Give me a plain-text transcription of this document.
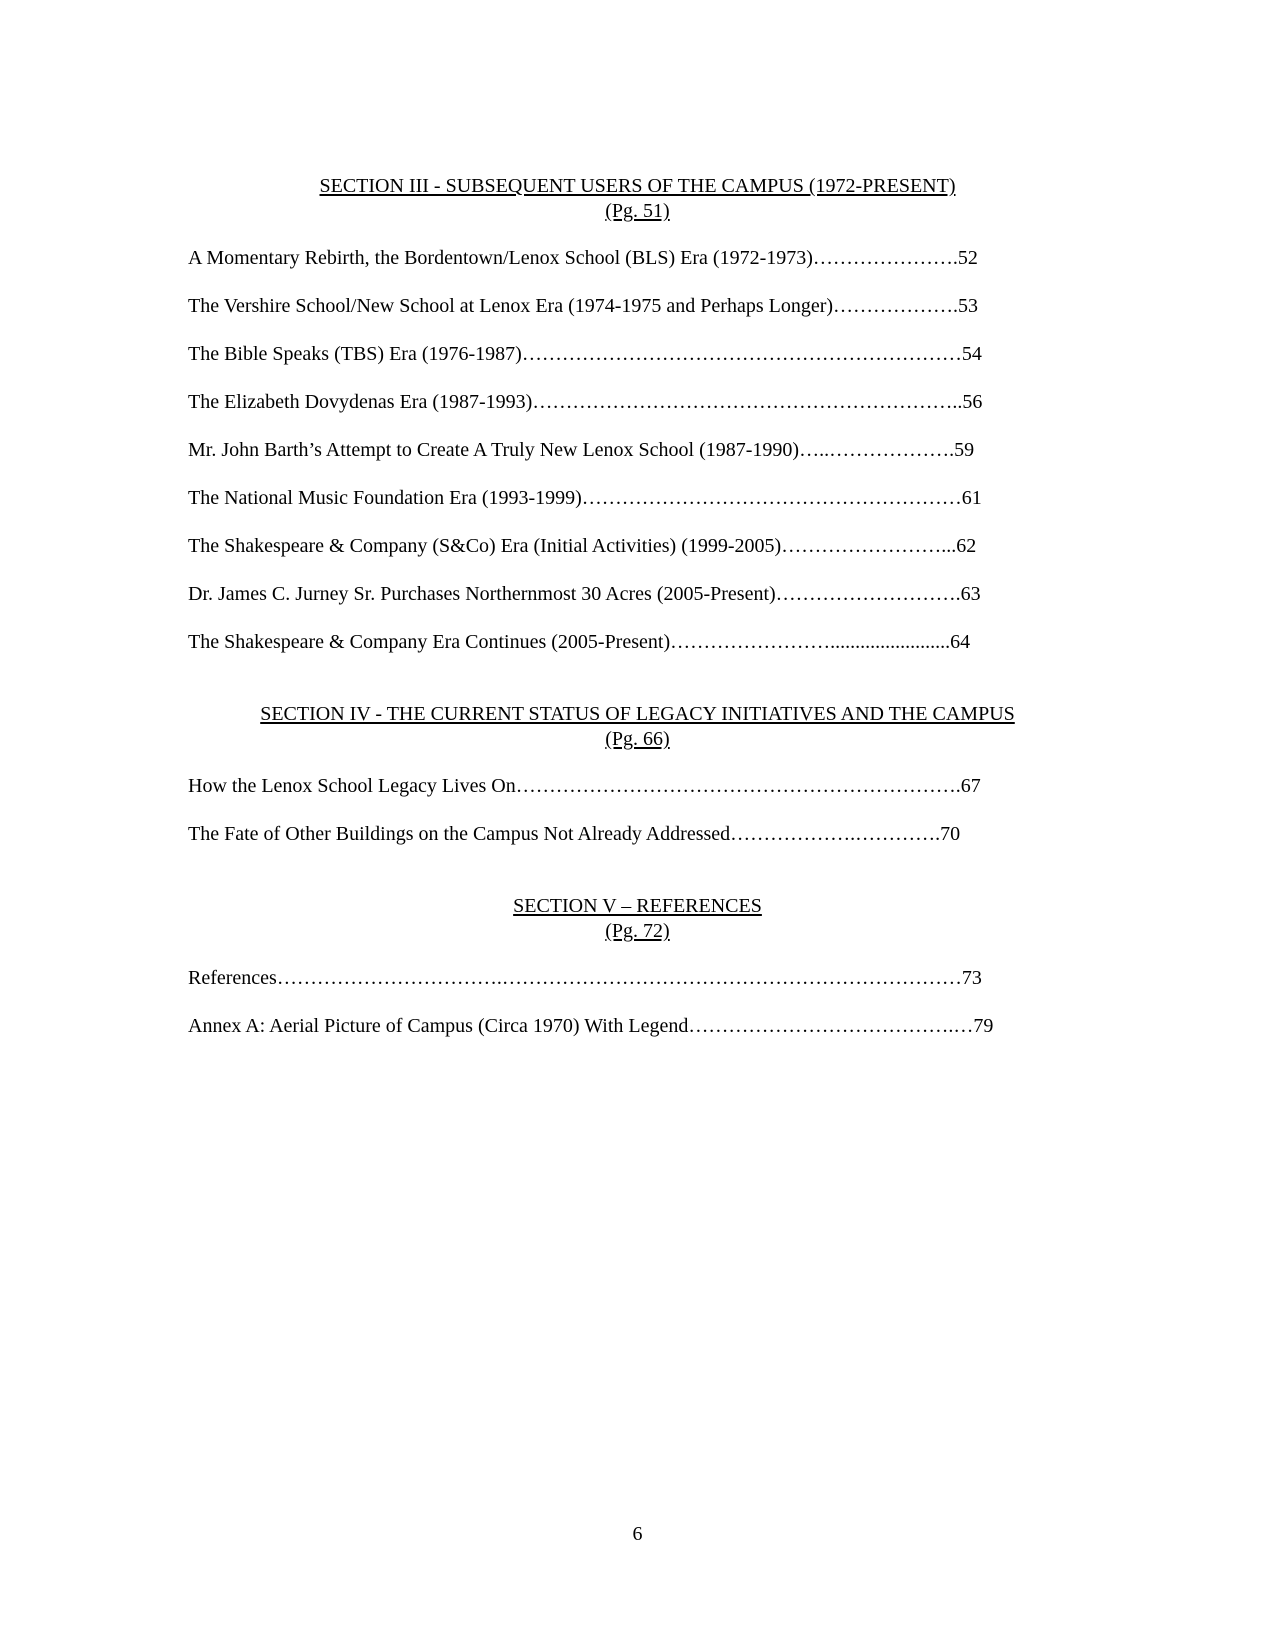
SECTION III - SUBSEQUENT USERS OF THE CAMPUS (1972-PRESENT)
(Pg. 51)
A Momentary Rebirth, the Bordentown/Lenox School (BLS) Era (1972-1973)………………….52
The Vershire School/New School at Lenox Era (1974-1975 and Perhaps Longer)……………….53
The Bible Speaks (TBS) Era (1976-1987)…………………………………………………………54
The Elizabeth Dovydenas Era (1987-1993)………………………………………………………..56
Mr. John Barth’s Attempt to Create A Truly New Lenox School (1987-1990)…..……………….59
The National Music Foundation Era (1993-1999)…………………………………………………61
The Shakespeare & Company (S&Co) Era (Initial Activities) (1999-2005)……………………...62
Dr. James C. Jurney Sr. Purchases Northernmost 30 Acres (2005-Present)……………………….63
The Shakespeare & Company Era Continues (2005-Present)……………………........................64
SECTION IV - THE CURRENT STATUS OF LEGACY INITIATIVES AND THE CAMPUS
(Pg. 66)
How the Lenox School Legacy Lives On………………………………………………………….67
The Fate of Other Buildings on the Campus Not Already Addressed……………….………….70
SECTION V – REFERENCES
(Pg. 72)
References…………………………….……………………………………………………………73
Annex A: Aerial Picture of Campus (Circa 1970) With Legend………………………………….…79
6
